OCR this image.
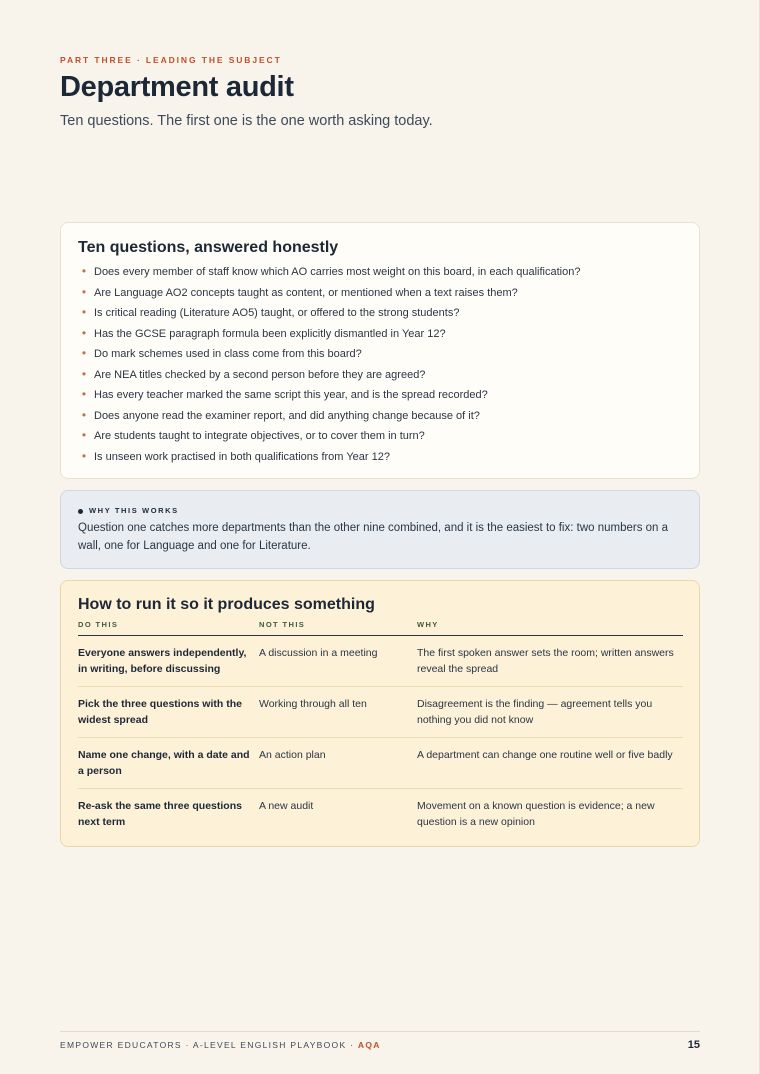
PART THREE · LEADING THE SUBJECT
Department audit
Ten questions. The first one is the one worth asking today.
Ten questions, answered honestly
• Does every member of staff know which AO carries most weight on this board, in each qualification?
• Are Language AO2 concepts taught as content, or mentioned when a text raises them?
• Is critical reading (Literature AO5) taught, or offered to the strong students?
• Has the GCSE paragraph formula been explicitly dismantled in Year 12?
• Do mark schemes used in class come from this board?
• Are NEA titles checked by a second person before they are agreed?
• Has every teacher marked the same script this year, and is the spread recorded?
• Does anyone read the examiner report, and did anything change because of it?
• Are students taught to integrate objectives, or to cover them in turn?
• Is unseen work practised in both qualifications from Year 12?
WHY THIS WORKS
Question one catches more departments than the other nine combined, and it is the easiest to fix: two numbers on a wall, one for Language and one for Literature.
How to run it so it produces something
DO THIS	NOT THIS	WHY
Everyone answers independently, in writing, before discussing	A discussion in a meeting	The first spoken answer sets the room; written answers reveal the spread
Pick the three questions with the widest spread	Working through all ten	Disagreement is the finding — agreement tells you nothing you did not know
Name one change, with a date and a person	An action plan	A department can change one routine well or five badly
Re-ask the same three questions next term	A new audit	Movement on a known question is evidence; a new question is a new opinion
EMPOWER EDUCATORS · A-LEVEL ENGLISH PLAYBOOK · AQA	15
